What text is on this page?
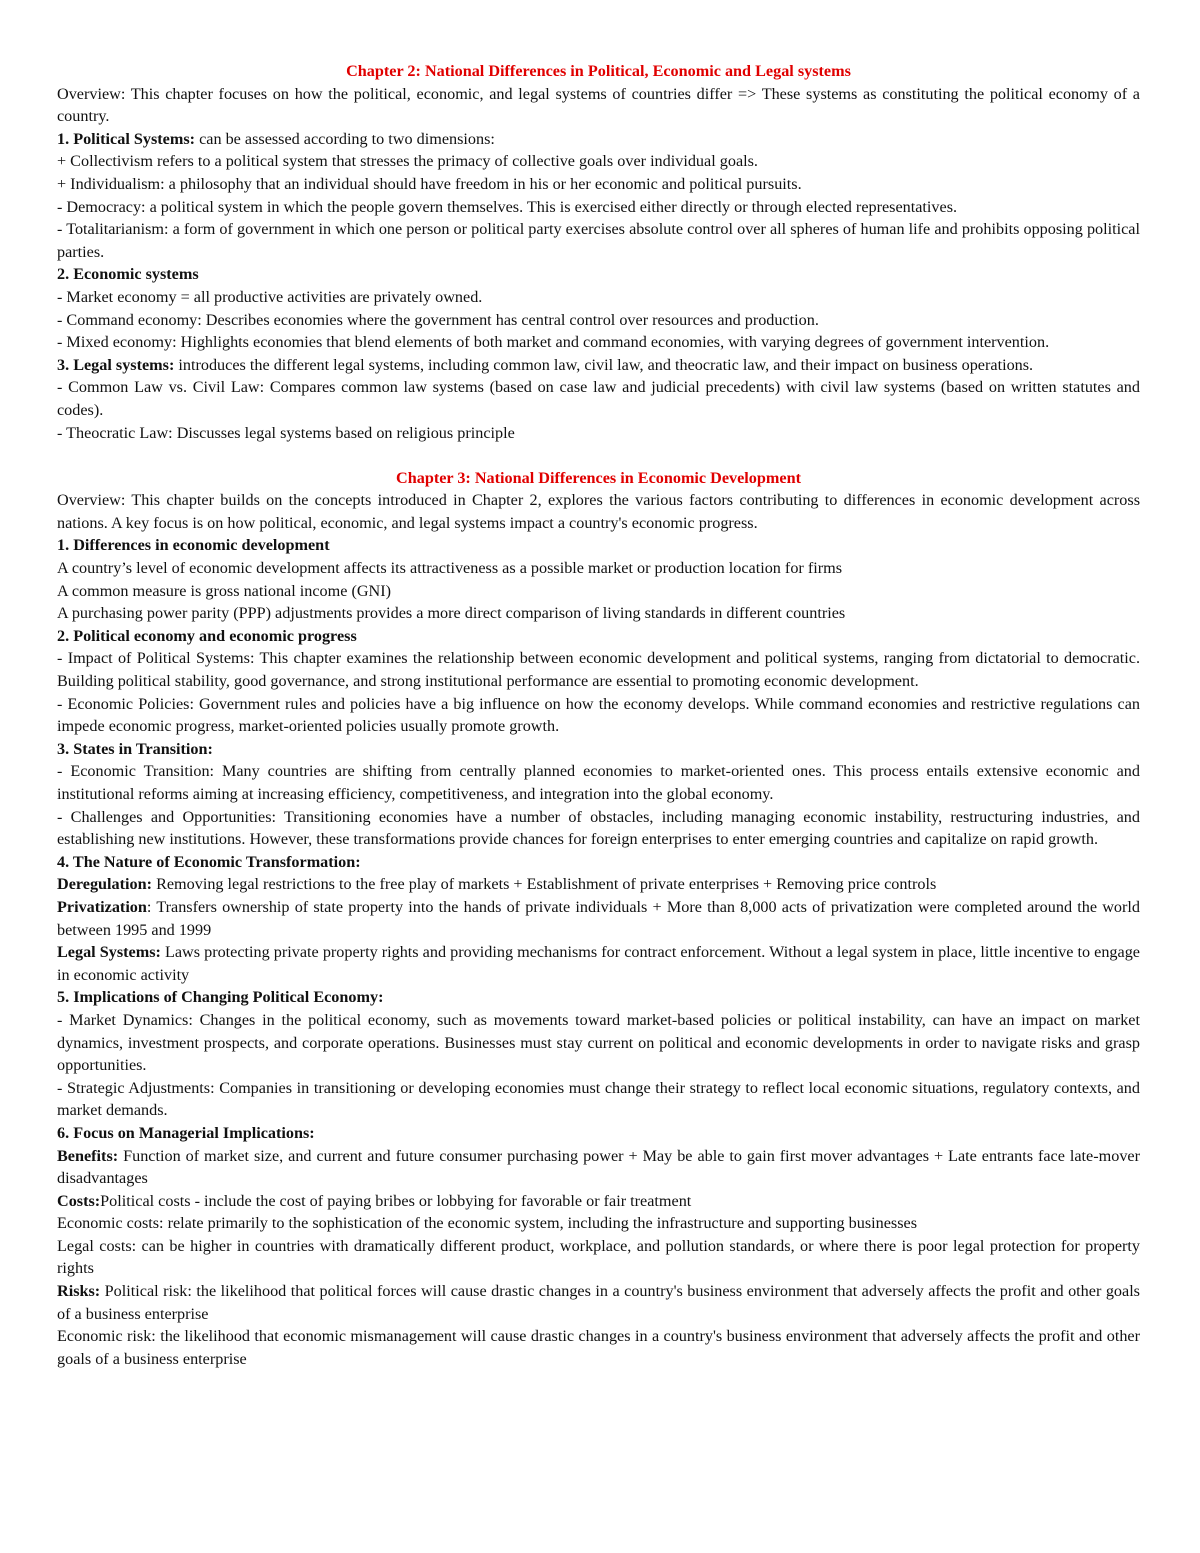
Chapter 2: National Differences in Political, Economic and Legal systems

Overview: This chapter focuses on how the political, economic, and legal systems of countries differ => These systems as constituting the political economy of a country.

1. Political Systems: can be assessed according to two dimensions:

+ Collectivism refers to a political system that stresses the primacy of collective goals over individual goals.

+ Individualism: a philosophy that an individual should have freedom in his or her economic and political pursuits.

- Democracy: a political system in which the people govern themselves. This is exercised either directly or through elected representatives.

- Totalitarianism: a form of government in which one person or political party exercises absolute control over all spheres of human life and prohibits opposing political parties.

2. Economic systems

- Market economy = all productive activities are privately owned.

- Command economy: Describes economies where the government has central control over resources and production.

- Mixed economy: Highlights economies that blend elements of both market and command economies, with varying degrees of government intervention.

3. Legal systems: introduces the different legal systems, including common law, civil law, and theocratic law, and their impact on business operations.

- Common Law vs. Civil Law: Compares common law systems (based on case law and judicial precedents) with civil law systems (based on written statutes and codes).

- Theocratic Law: Discusses legal systems based on religious principle

Chapter 3: National Differences in Economic Development

Overview: This chapter builds on the concepts introduced in Chapter 2, explores the various factors contributing to differences in economic development across nations. A key focus is on how political, economic, and legal systems impact a country's economic progress.

1. Differences in economic development

A country’s level of economic development affects its attractiveness as a possible market or production location for firms

A common measure is gross national income (GNI)

A purchasing power parity (PPP) adjustments provides a more direct comparison of living standards in different countries

2. Political economy and economic progress

- Impact of Political Systems: This chapter examines the relationship between economic development and political systems, ranging from dictatorial to democratic. Building political stability, good governance, and strong institutional performance are essential to promoting economic development.

- Economic Policies: Government rules and policies have a big influence on how the economy develops. While command economies and restrictive regulations can impede economic progress, market-oriented policies usually promote growth.

3. States in Transition:

- Economic Transition: Many countries are shifting from centrally planned economies to market-oriented ones. This process entails extensive economic and institutional reforms aiming at increasing efficiency, competitiveness, and integration into the global economy.

- Challenges and Opportunities: Transitioning economies have a number of obstacles, including managing economic instability, restructuring industries, and establishing new institutions. However, these transformations provide chances for foreign enterprises to enter emerging countries and capitalize on rapid growth.

4. The Nature of Economic Transformation:

Deregulation: Removing legal restrictions to the free play of markets + Establishment of private enterprises + Removing price controls

Privatization: Transfers ownership of state property into the hands of private individuals + More than 8,000 acts of privatization were completed around the world between 1995 and 1999

Legal Systems: Laws protecting private property rights and providing mechanisms for contract enforcement. Without a legal system in place, little incentive to engage in economic activity

5. Implications of Changing Political Economy:

- Market Dynamics: Changes in the political economy, such as movements toward market-based policies or political instability, can have an impact on market dynamics, investment prospects, and corporate operations. Businesses must stay current on political and economic developments in order to navigate risks and grasp opportunities.

- Strategic Adjustments: Companies in transitioning or developing economies must change their strategy to reflect local economic situations, regulatory contexts, and market demands.

6. Focus on Managerial Implications:

Benefits: Function of market size, and current and future consumer purchasing power + May be able to gain first mover advantages + Late entrants face late-mover disadvantages

Costs:Political costs - include the cost of paying bribes or lobbying for favorable or fair treatment

Economic costs: relate primarily to the sophistication of the economic system, including the infrastructure and supporting businesses

Legal costs: can be higher in countries with dramatically different product, workplace, and pollution standards, or where there is poor legal protection for property rights

Risks: Political risk: the likelihood that political forces will cause drastic changes in a country's business environment that adversely affects the profit and other goals of a business enterprise

Economic risk: the likelihood that economic mismanagement will cause drastic changes in a country's business environment that adversely affects the profit and other goals of a business enterprise
